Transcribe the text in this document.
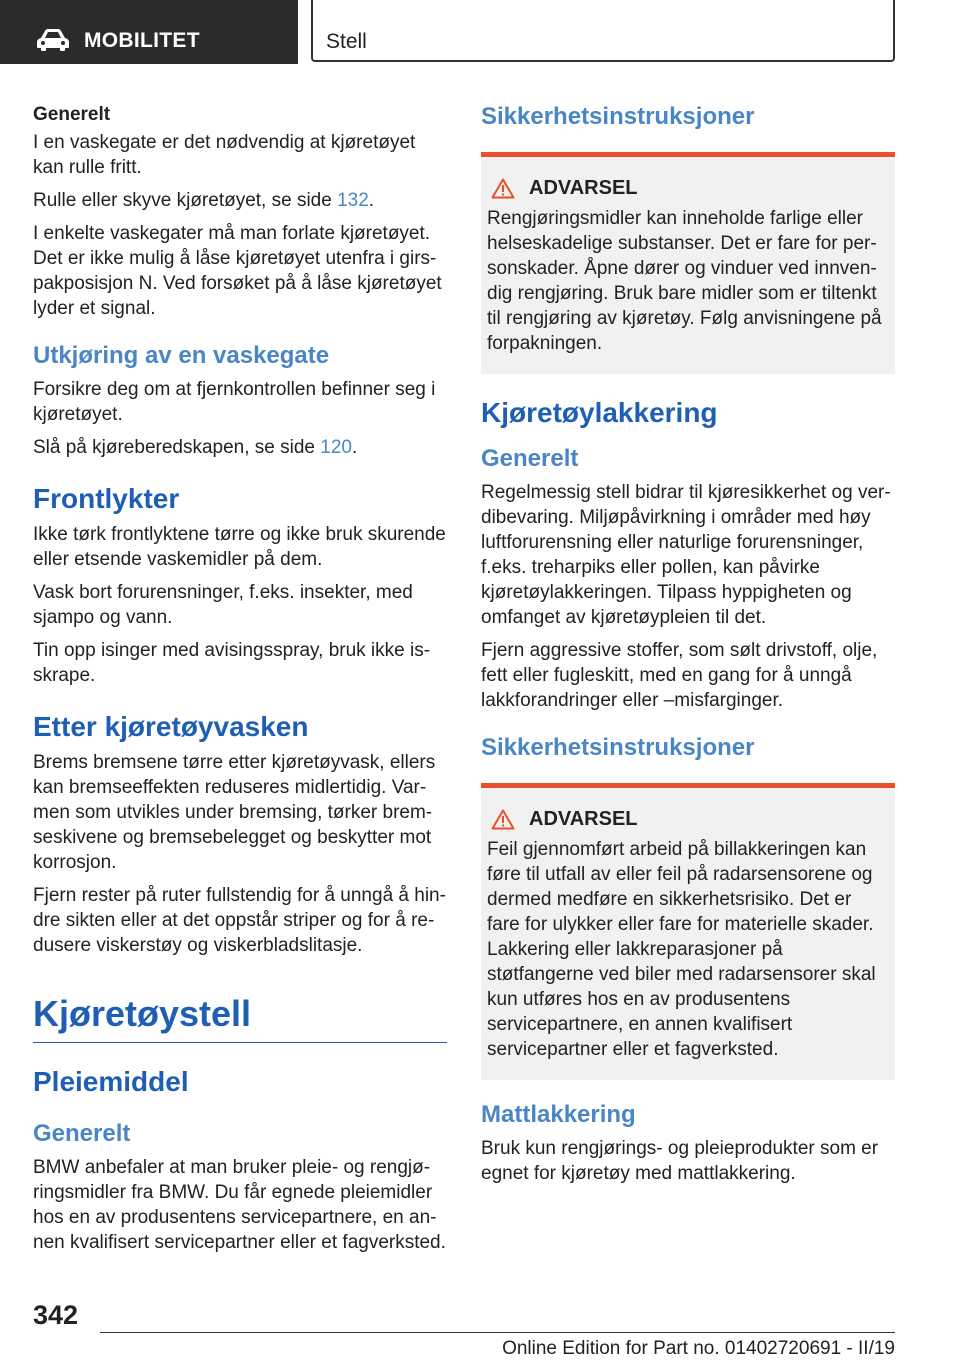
MOBILITET	Stell
Generelt

I en vaskegate er det nødvendig at kjøretøyet kan rulle fritt.

Rulle eller skyve kjøretøyet, se side 132.

I enkelte vaskegater må man forlate kjøretøyet. Det er ikke mulig å låse kjøretøyet utenfra i girspakposisjon N. Ved forsøket på å låse kjøretøyet lyder et signal.

Utkjøring av en vaskegate

Forsikre deg om at fjernkontrollen befinner seg i kjøretøyet.

Slå på kjøreberedskapen, se side 120.

Frontlykter

Ikke tørk frontlyktene tørre og ikke bruk skurende eller etsende vaskemidler på dem.

Vask bort forurensninger, f.eks. insekter, med sjampo og vann.

Tin opp isinger med avisingsspray, bruk ikke isskrape.

Etter kjøretøyvasken

Brems bremsene tørre etter kjøretøyvask, ellers kan bremseeffekten reduseres midlertidig. Varmen som utvikles under bremsing, tørker bremseskivene og bremsebelegget og beskytter mot korrosjon.

Fjern rester på ruter fullstendig for å unngå å hindre sikten eller at det oppstår striper og for å redusere viskerstøy og viskerbladslitasje.

Kjøretøystell
Pleiemiddel
Generelt

BMW anbefaler at man bruker pleie- og rengjøringsmidler fra BMW. Du får egnede pleiemidler hos en av produsentens servicepartnere, en annen kvalifisert servicepartner eller et fagverksted.

Sikkerhetsinstruksjoner
ADVARSEL

Rengjøringsmidler kan inneholde farlige eller helseskadelige substanser. Det er fare for personskader. Åpne dører og vinduer ved innvendig rengjøring. Bruk bare midler som er tiltenkt til rengjøring av kjøretøy. Følg anvisningene på forpakningen.

Kjøretøylakkering
Generelt

Regelmessig stell bidrar til kjøresikkerhet og verdibevaring. Miljøpåvirkning i områder med høy luftforurensning eller naturlige forurensninger, f.eks. treharpiks eller pollen, kan påvirke kjøretøylakkeringen. Tilpass hyppigheten og omfanget av kjøretøypleien til det.

Fjern aggressive stoffer, som sølt drivstoff, olje, fett eller fugleskitt, med en gang for å unngå lakkforandringer eller –misfarginger.

Sikkerhetsinstruksjoner
ADVARSEL

Feil gjennomført arbeid på billakkeringen kan føre til utfall av eller feil på radarsensorene og dermed medføre en sikkerhetsrisiko. Det er fare for ulykker eller fare for materielle skader. Lakkering eller lakkreparasjoner på støtfangerne ved biler med radarsensorer skal kun utføres hos en av produsentens servicepartnere, en annen kvalifisert servicepartner eller et fagverksted.

Mattlakkering

Bruk kun rengjørings- og pleieprodukter som er egnet for kjøretøy med mattlakkering.

342
Online Edition for Part no. 01402720691 - II/19
